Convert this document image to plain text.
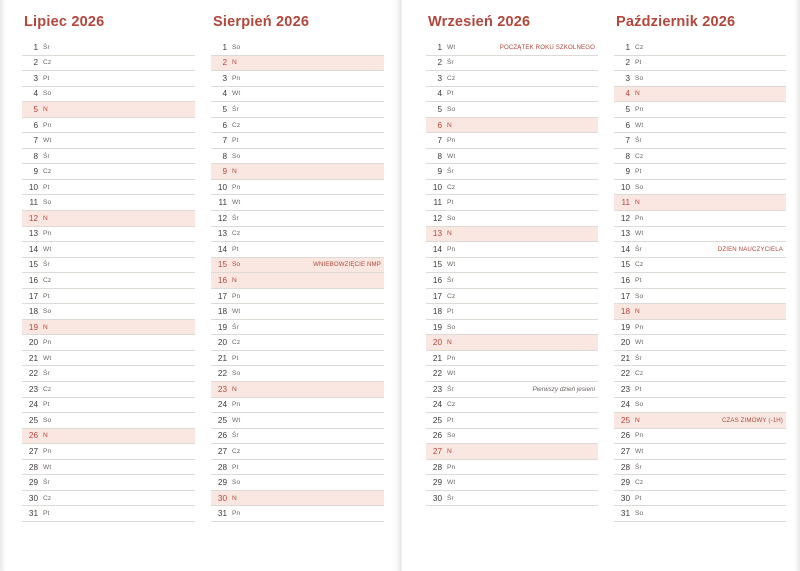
Lipiec 2026
1 Śr
2 Cz
3 Pt
4 So
5 N
6 Pn
7 Wt
8 Śr
9 Cz
10 Pt
11 So
12 N
13 Pn
14 Wt
15 Śr
16 Cz
17 Pt
18 So
19 N
20 Pn
21 Wt
22 Śr
23 Cz
24 Pt
25 So
26 N
27 Pn
28 Wt
29 Śr
30 Cz
31 Pt
Sierpień 2026
1 So
2 N
3 Pn
4 Wt
5 Śr
6 Cz
7 Pt
8 So
9 N
10 Pn
11 Wt
12 Śr
13 Cz
14 Pt
15 So	WNIEBOWZIĘCIE NMP
16 N
17 Pn
18 Wt
19 Śr
20 Cz
21 Pt
22 So
23 N
24 Pn
25 Wt
26 Śr
27 Cz
28 Pt
29 So
30 N
31 Pn
Wrzesień 2026
1 Wt	POCZĄTEK ROKU SZKOLNEGO
2 Śr
3 Cz
4 Pt
5 So
6 N
7 Pn
8 Wt
9 Śr
10 Cz
11 Pt
12 So
13 N
14 Pn
15 Wt
16 Śr
17 Cz
18 Pt
19 So
20 N
21 Pn
22 Wt
23 Śr	Pierwszy dzień jesieni
24 Cz
25 Pt
26 So
27 N
28 Pn
29 Wt
30 Śr
Październik 2026
1 Cz
2 Pt
3 So
4 N
5 Pn
6 Wt
7 Śr
8 Cz
9 Pt
10 So
11 N
12 Pn
13 Wt
14 Śr	DZIEŃ NAUCZYCIELA
15 Cz
16 Pt
17 So
18 N
19 Pn
20 Wt
21 Śr
22 Cz
23 Pt
24 So
25 N	CZAS ZIMOWY (-1H)
26 Pn
27 Wt
28 Śr
29 Cz
30 Pt
31 So
